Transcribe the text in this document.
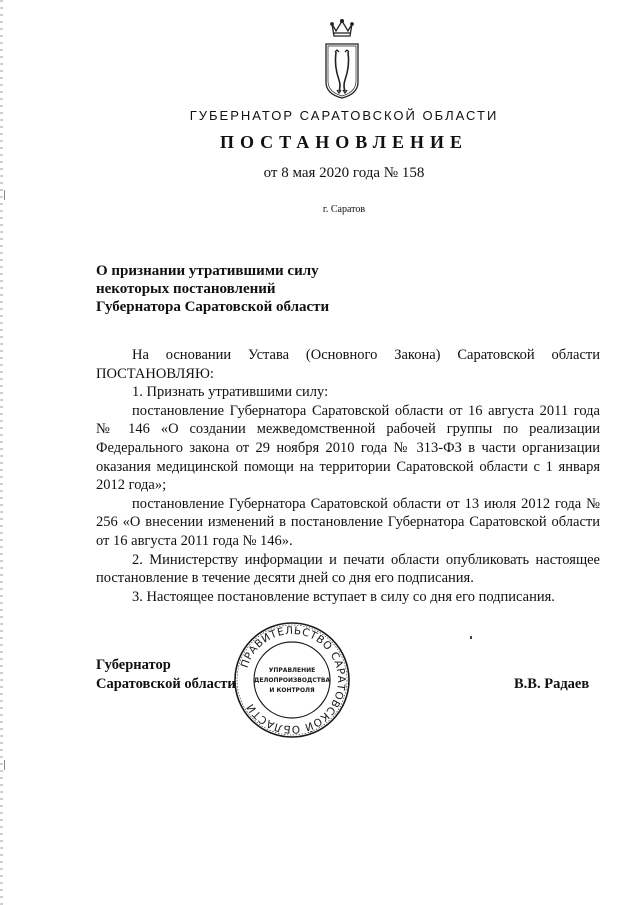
ГУБЕРНАТОР САРАТОВСКОЙ ОБЛАСТИ
ПОСТАНОВЛЕНИЕ
от 8 мая 2020 года № 158
г. Саратов
О признании утратившими силу
некоторых постановлений
Губернатора Саратовской области

На основании Устава (Основного Закона) Саратовской области ПОСТАНОВЛЯЮ:

1. Признать утратившими силу:

постановление Губернатора Саратовской области от 16 августа 2011 года № 146 «О создании межведомственной рабочей группы по реализации Федерального закона от 29 ноября 2010 года № 313-ФЗ в части организации оказания медицинской помощи на территории Саратовской области с 1 января 2012 года»;

постановление Губернатора Саратовской области от 13 июля 2012 года № 256 «О внесении изменений в постановление Губернатора Саратовской области от 16 августа 2011 года № 146».

2. Министерству информации и печати области опубликовать настоящее постановление в течение десяти дней со дня его подписания.

3. Настоящее постановление вступает в силу со дня его подписания.

Губернатор
Саратовской области	В.В. Радаев
ПРАВИТЕЛЬСТВО САРАТОВСКОЙ ОБЛАСТИ
УПРАВЛЕНИЕ
ДЕЛОПРОИЗВОДСТВА
И КОНТРОЛЯ
